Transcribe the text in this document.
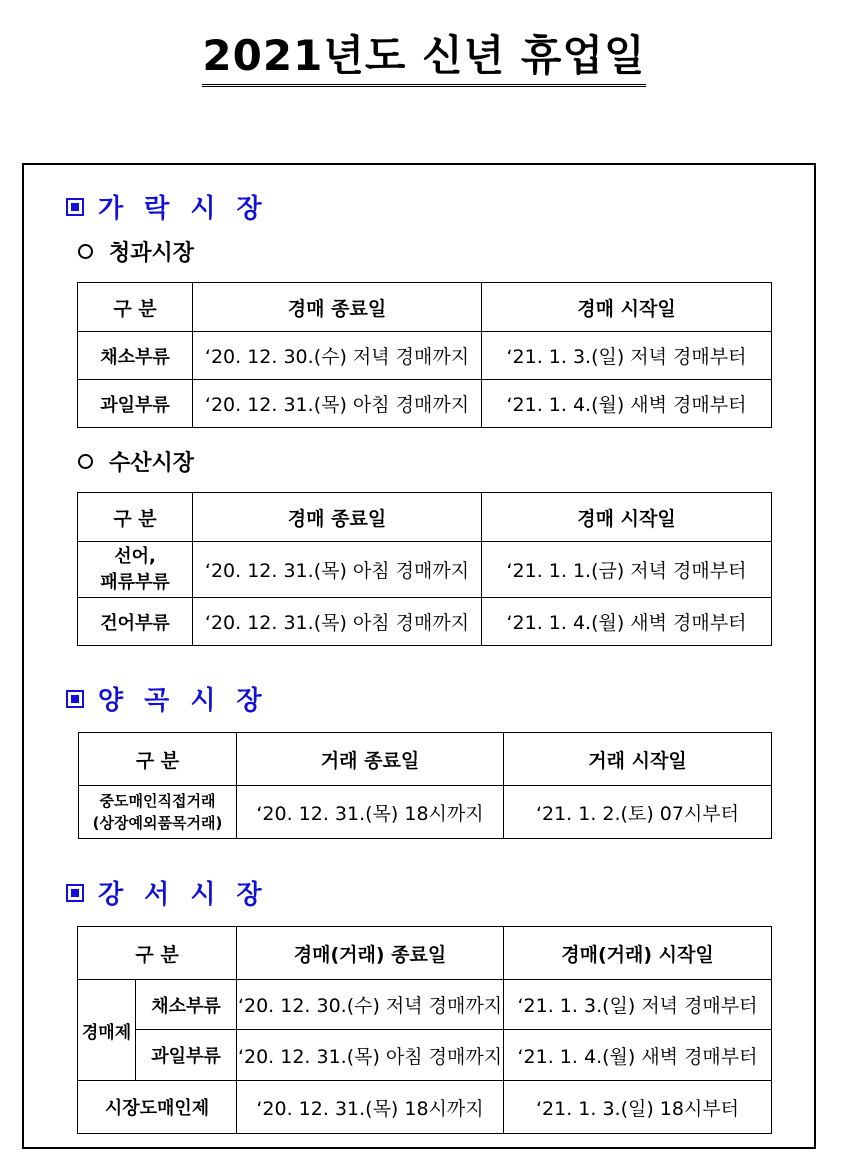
2021년도 신년 휴업일
가 락 시 장
청과시장
구 분	경매 종료일	경매 시작일
채소부류	‘20. 12. 30.(수) 저녁 경매까지	‘21. 1. 3.(일) 저녁 경매부터
과일부류	‘20. 12. 31.(목) 아침 경매까지	‘21. 1. 4.(월) 새벽 경매부터
수산시장
구 분	경매 종료일	경매 시작일
선어,
패류부류	‘20. 12. 31.(목) 아침 경매까지	‘21. 1. 1.(금) 저녁 경매부터
건어부류	‘20. 12. 31.(목) 아침 경매까지	‘21. 1. 4.(월) 새벽 경매부터
양 곡 시 장
구 분	거래 종료일	거래 시작일
중도매인직접거래
(상장예외품목거래)	‘20. 12. 31.(목) 18시까지	‘21. 1. 2.(토) 07시부터
강 서 시 장
구 분		경매(거래) 종료일	경매(거래) 시작일
경매제	채소부류	‘20. 12. 30.(수) 저녁 경매까지	‘21. 1. 3.(일) 저녁 경매부터
	과일부류	‘20. 12. 31.(목) 아침 경매까지	‘21. 1. 4.(월) 새벽 경매부터
시장도매인제		‘20. 12. 31.(목) 18시까지	‘21. 1. 3.(일) 18시부터
